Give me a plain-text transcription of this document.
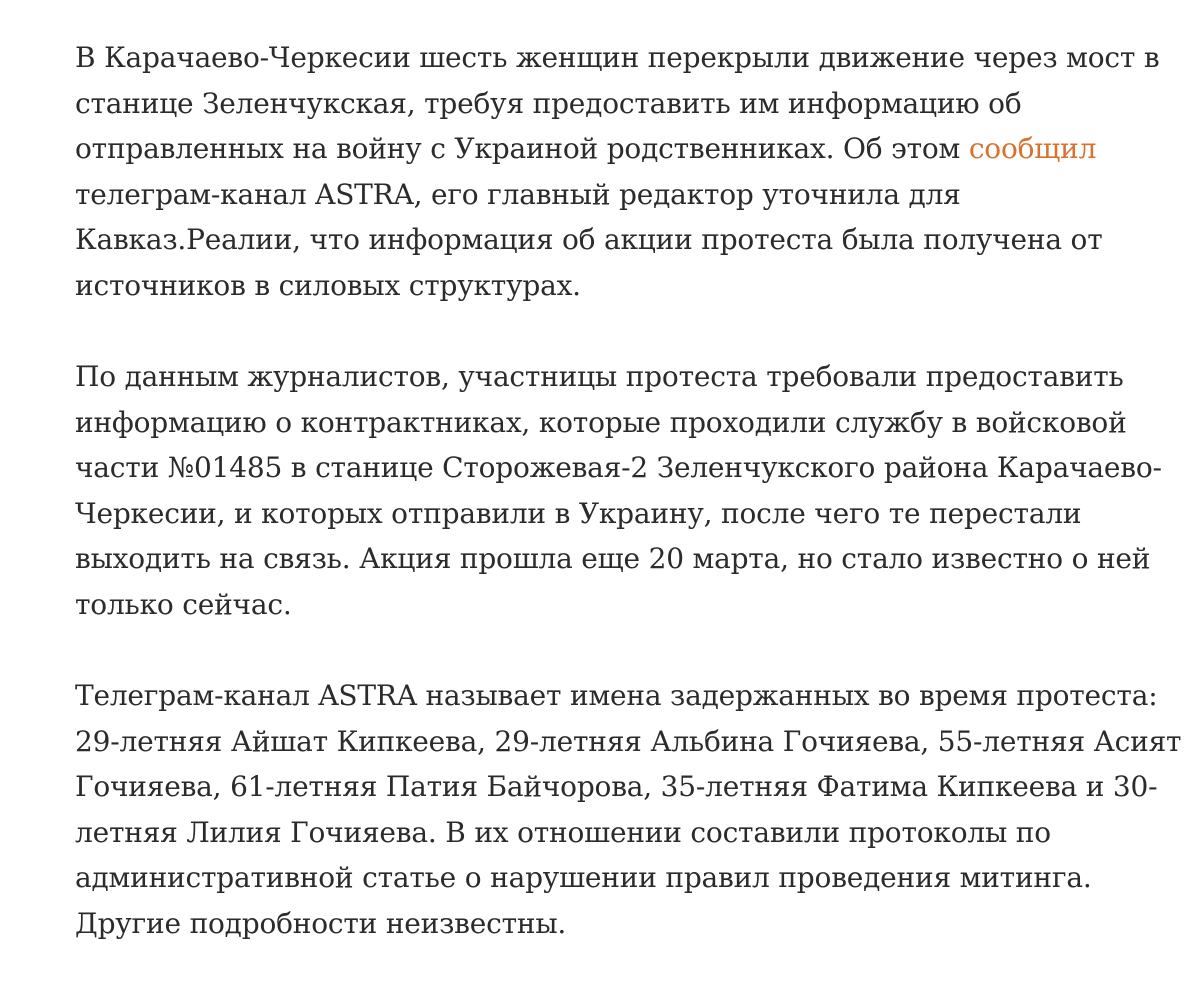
В Карачаево-Черкесии шесть женщин перекрыли движение через мост в станице Зеленчукская, требуя предоставить им информацию об отправленных на войну с Украиной родственниках. Об этом сообщил телеграм-канал ASTRA, его главный редактор уточнила для Кавказ.Реалии, что информация об акции протеста была получена от источников в силовых структурах.

По данным журналистов, участницы протеста требовали предоставить информацию о контрактниках, которые проходили службу в войсковой части №01485 в станице Сторожевая-2 Зеленчукского района Карачаево-Черкесии, и которых отправили в Украину, после чего те перестали выходить на связь. Акция прошла еще 20 марта, но стало известно о ней только сейчас.

Телеграм-канал ASTRA называет имена задержанных во время протеста: 29-летняя Айшат Кипкеева, 29-летняя Альбина Гочияева, 55-летняя Асият Гочияева, 61-летняя Патия Байчорова, 35-летняя Фатима Кипкеева и 30-летняя Лилия Гочияева. В их отношении составили протоколы по административной статье о нарушении правил проведения митинга. Другие подробности неизвестны.
